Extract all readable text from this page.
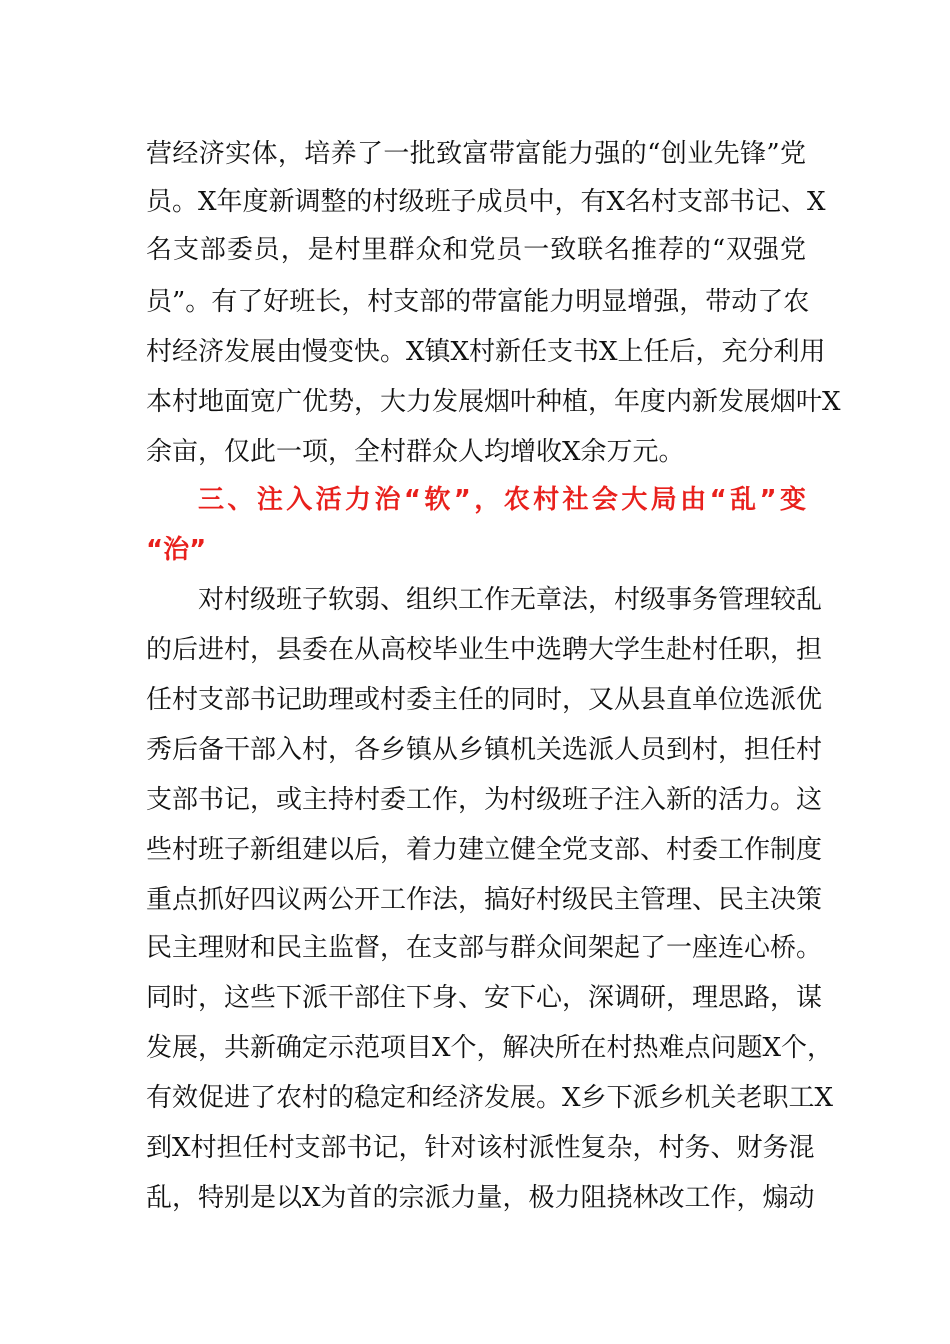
营经济实体，培养了一批致富带富能力强的“创业先锋”党
员。X年度新调整的村级班子成员中，有X名村支部书记、X
名支部委员，是村里群众和党员一致联名推荐的“双强党
员”。有了好班长，村支部的带富能力明显增强，带动了农
村经济发展由慢变快。X镇X村新任支书X上任后，充分利用
本村地面宽广优势，大力发展烟叶种植，年度内新发展烟叶X
余亩，仅此一项，全村群众人均增收X余万元。
三、注入活力治“软”，农村社会大局由“乱”变
“治”
对村级班子软弱、组织工作无章法，村级事务管理较乱
的后进村，县委在从高校毕业生中选聘大学生赴村任职，担
任村支部书记助理或村委主任的同时，又从县直单位选派优
秀后备干部入村，各乡镇从乡镇机关选派人员到村，担任村
支部书记，或主持村委工作，为村级班子注入新的活力。这
些村班子新组建以后，着力建立健全党支部、村委工作制度
重点抓好四议两公开工作法，搞好村级民主管理、民主决策
民主理财和民主监督，在支部与群众间架起了一座连心桥。
同时，这些下派干部住下身、安下心，深调研，理思路，谋
发展，共新确定示范项目X个，解决所在村热难点问题X个，
有效促进了农村的稳定和经济发展。X乡下派乡机关老职工X
到X村担任村支部书记，针对该村派性复杂，村务、财务混
乱，特别是以X为首的宗派力量，极力阻挠林改工作，煽动
